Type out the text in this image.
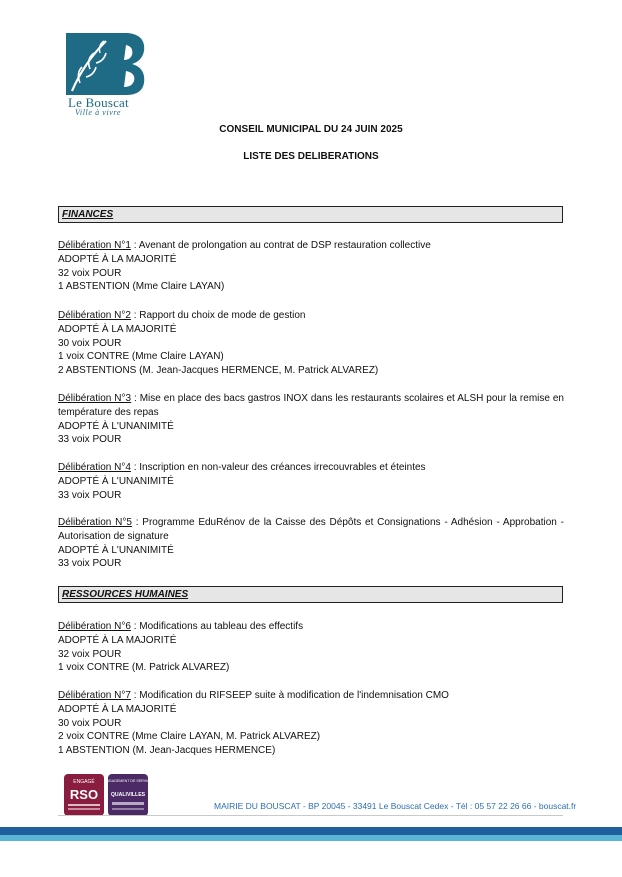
Le Bouscat
Ville à vivre
CONSEIL MUNICIPAL DU 24 JUIN 2025
LISTE DES DELIBERATIONS
FINANCES

Délibération N°1 : Avenant de prolongation au contrat de DSP restauration collective

ADOPTÉ À LA MAJORITÉ

32 voix POUR

1 ABSTENTION (Mme Claire LAYAN)

Délibération N°2 : Rapport du choix de mode de gestion

ADOPTÉ À LA MAJORITÉ

30 voix POUR

1 voix CONTRE (Mme Claire LAYAN)

2 ABSTENTIONS (M. Jean-Jacques HERMENCE, M. Patrick ALVAREZ)

Délibération N°3 : Mise en place des bacs gastros INOX dans les restaurants scolaires et ALSH pour la remise en température des repas

ADOPTÉ À L'UNANIMITÉ

33 voix POUR

Délibération N°4 : Inscription en non-valeur des créances irrecouvrables et éteintes

ADOPTÉ À L'UNANIMITÉ

33 voix POUR

Délibération N°5 : Programme EduRénov de la Caisse des Dépôts et Consignations - Adhésion - Approbation - Autorisation de signature

ADOPTÉ À L'UNANIMITÉ

33 voix POUR

RESSOURCES HUMAINES

Délibération N°6 : Modifications au tableau des effectifs

ADOPTÉ À LA MAJORITÉ

32 voix POUR

1 voix CONTRE (M. Patrick ALVAREZ)

Délibération N°7 : Modification du RIFSEEP suite à modification de l'indemnisation CMO

ADOPTÉ À LA MAJORITÉ

30 voix POUR

2 voix CONTRE (Mme Claire LAYAN, M. Patrick ALVAREZ)

1 ABSTENTION (M. Jean-Jacques HERMENCE)

ENGAGÉ
RSO
ENGAGEMENT DE SERVICE
QUALIVILLES
MAIRIE DU BOUSCAT - BP 20045 - 33491 Le Bouscat Cedex - Tél : 05 57 22 26 66 - bouscat.fr
